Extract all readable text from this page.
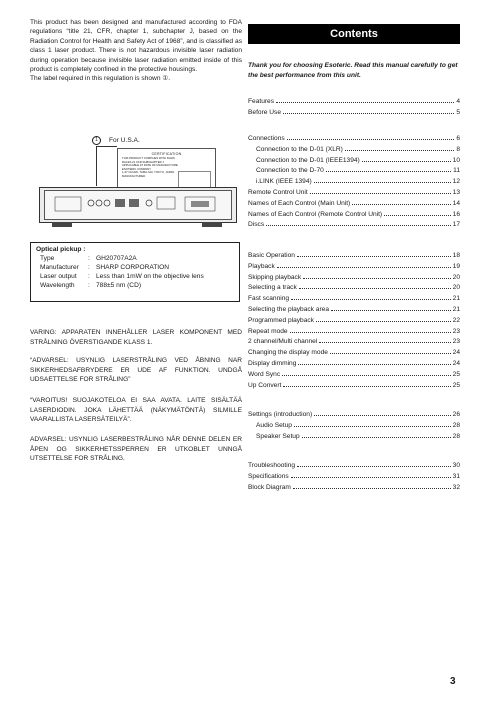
This product has been designed and manufactured according to FDA regulations “title 21, CFR, chapter 1, subchapter J, based on the Radiation Control for Health and Safety Act of 1968”, and is classified as class 1 laser product. There is not hazardous invisible laser radiation during operation because invisible laser radiation emitted inside of this product is completely confined in the protective housings.

The label required in this regulation is shown ①.

1	For U.S.A.
CERTIFICATION
THIS PRODUCT COMPLIES WITH DHHS
RULES 21 CFR SUBCHAPTER J
APPLICABLE AT DATE OF MANUFACTURE.
ESOTERIC COMPANY
1-47 OCHIAI, TAMA-SHI, TOKYO, JAPAN
MANUFACTURED
Optical pickup :
Type	: GH20707A2A
Manufacturer	: SHARP CORPORATION
Laser output	: Less than 1mW on the objective lens
Wavelength	: 788±5 nm (CD)

VARING: APPARATEN INNEHÅLLER LASER KOMPONENT MED STRÅLNING ÖVERSTIGANDE KLASS 1.

“ADVARSEL: USYNLIG LASERSTRÅLING VED ÅBNING NAR SIKKERHEDSAFBRYDERE ER UDE AF FUNKTION. UNDGÅ UDSAETTELSE FOR STRÅLING”

“VAROITUS! SUOJAKOTELOA EI SAA AVATA. LAITE SISÄLTÄÄ LASERDIODIN. JOKA LÄHETTÄÄ (NÄKYMÄTÖNTÄ) SILMILLE VAARALLISTA LASERSÄTEILYÄ”.

ADVARSEL: USYNLIG LASERBESTRÅLING NÅR DENNE DELEN ER ÅPEN OG SIKKERHETSSPERREN ER UTKOBLET UNNGÅ UTSETTELSE FOR STRÅLING.

Contents
Thank you for choosing Esoteric. Read this manual carefully to get the best performance from this unit.
Features	4
Before Use	5
Connections	6
Connection to the D-01 (XLR)	8
Connection to the D-01 (IEEE1394)	10
Connection to the D-70	11
i.LINK (IEEE 1394)	12
Remote Control Unit	13
Names of Each Control (Main Unit)	14
Names of Each Control (Remote Control Unit)	16
Discs	17
Basic Operation	18
Playback	19
Skipping playback	20
Selecting a track	20
Fast scanning	21
Selecting the playback area	21
Programmed playback	22
Repeat mode	23
2 channel/Multi channel	23
Changing the display mode	24
Display dimming	24
Word Sync	25
Up Convert	25
Settings (introduction)	26
Audio Setup	28
Speaker Setup	28
Troubleshooting	30
Specifications	31
Block Diagram	32
3
